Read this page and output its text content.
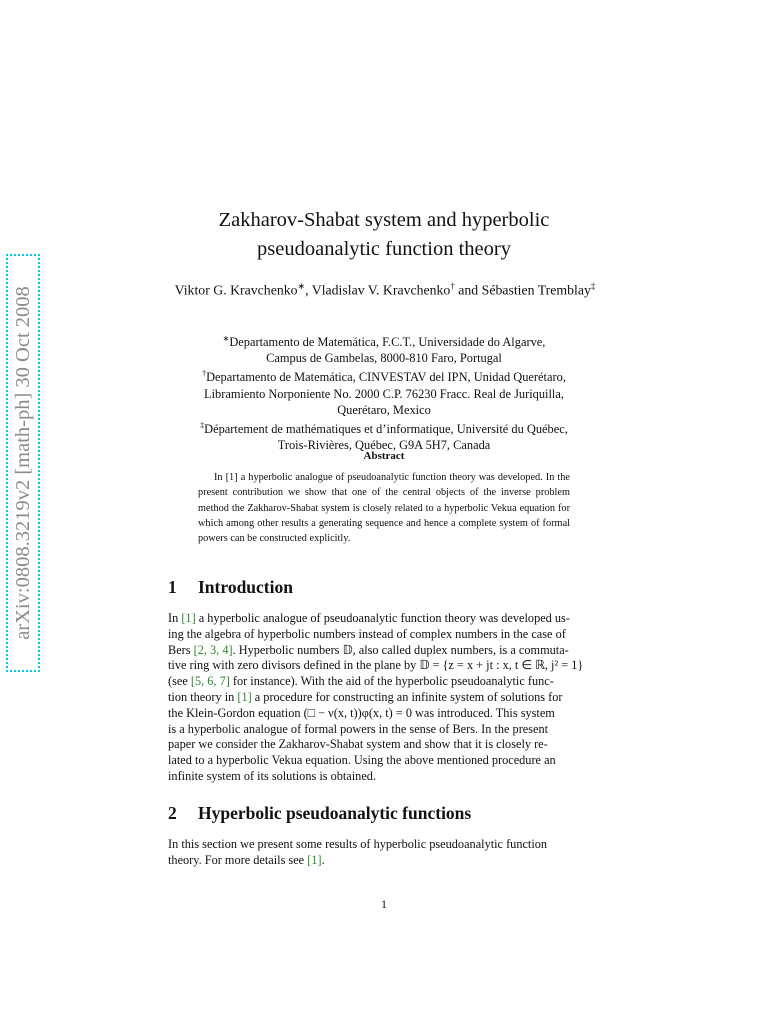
arXiv:0808.3219v2 [math-ph] 30 Oct 2008
Zakharov-Shabat system and hyperbolic
pseudoanalytic function theory
Viktor G. Kravchenko∗, Vladislav V. Kravchenko† and Sébastien Tremblay‡
∗Departamento de Matemática, F.C.T., Universidade do Algarve,
Campus de Gambelas, 8000-810 Faro, Portugal
†Departamento de Matemática, CINVESTAV del IPN, Unidad Querétaro,
Libramiento Norponiente No. 2000 C.P. 76230 Fracc. Real de Juriquilla,
Querétaro, Mexico
‡Département de mathématiques et d’informatique, Université du Québec,
Trois-Rivières, Québec, G9A 5H7, Canada
Abstract
In [1] a hyperbolic analogue of pseudoanalytic function theory was developed. In the present contribution we show that one of the central objects of the inverse problem method the Zakharov-Shabat system is closely related to a hyperbolic Vekua equation for which among other results a generating sequence and hence a complete system of formal powers can be constructed explicitly.
1 Introduction
In [1] a hyperbolic analogue of pseudoanalytic function theory was developed us-
ing the algebra of hyperbolic numbers instead of complex numbers in the case of
Bers [2, 3, 4]. Hyperbolic numbers 𝔻, also called duplex numbers, is a commuta-
tive ring with zero divisors defined in the plane by 𝔻 = {z = x + jt : x, t ∈ ℝ, j² = 1}
(see [5, 6, 7] for instance). With the aid of the hyperbolic pseudoanalytic func-
tion theory in [1] a procedure for constructing an infinite system of solutions for
the Klein-Gordon equation (□ − ν(x, t))φ(x, t) = 0 was introduced. This system
is a hyperbolic analogue of formal powers in the sense of Bers. In the present
paper we consider the Zakharov-Shabat system and show that it is closely re-
lated to a hyperbolic Vekua equation. Using the above mentioned procedure an
infinite system of its solutions is obtained.
2 Hyperbolic pseudoanalytic functions
In this section we present some results of hyperbolic pseudoanalytic function
theory. For more details see [1].
1
